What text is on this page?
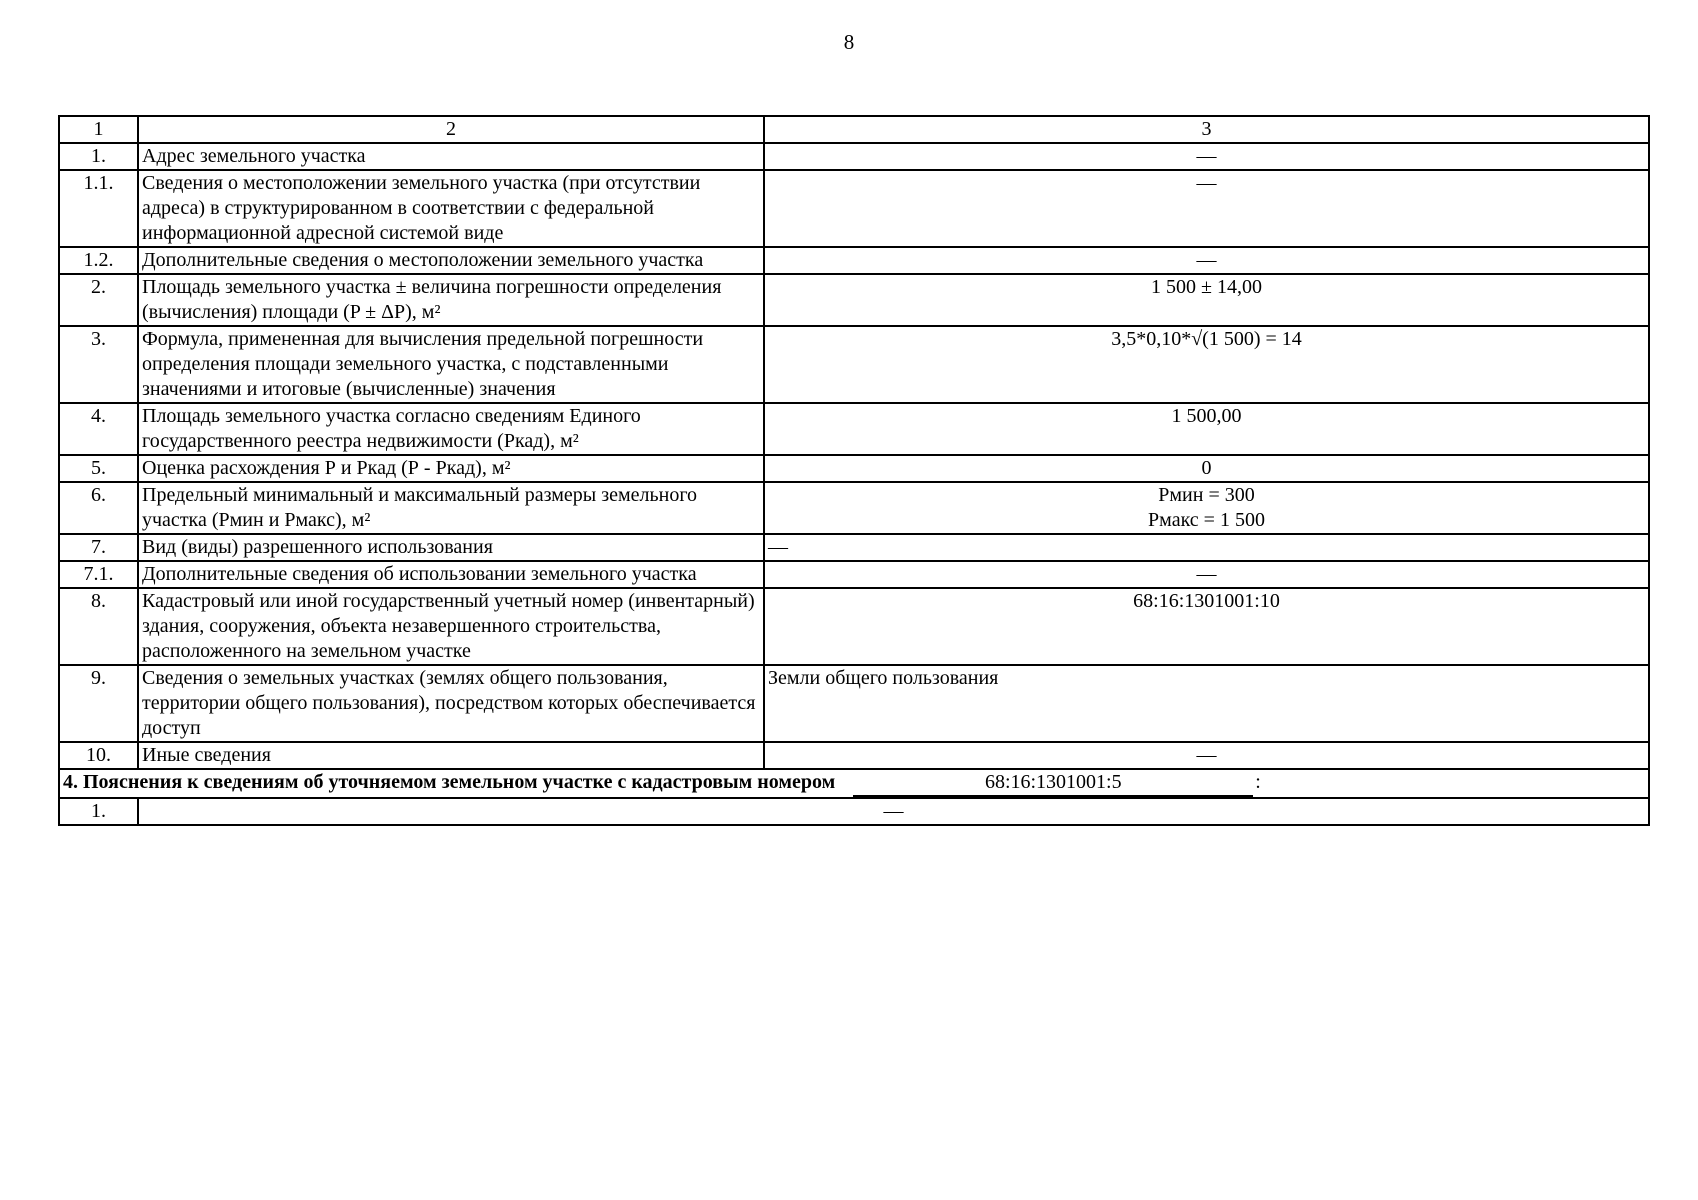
8
1	2	3
1.	Адрес земельного участка	—
1.1.	Сведения о местоположении земельного участка (при отсутствии адреса) в структурированном в соответствии с федеральной информационной адресной системой виде	—
1.2.	Дополнительные сведения о местоположении земельного участка	—
2.	Площадь земельного участка ± величина погрешности определения (вычисления) площади (P ± ΔP), м²	1 500 ± 14,00
3.	Формула, примененная для вычисления предельной погрешности определения площади земельного участка, с подставленными значениями и итоговые (вычисленные) значения	3,5*0,10*√(1 500) = 14
4.	Площадь земельного участка согласно сведениям Единого государственного реестра недвижимости (Ркад), м²	1 500,00
5.	Оценка расхождения Р и Ркад (Р - Ркад), м²	0
6.	Предельный минимальный и максимальный размеры земельного участка (Рмин и Рмакс), м²	Рмин = 300
Рмакс = 1 500

7.	Вид (виды) разрешенного использования	—
7.1.	Дополнительные сведения об использовании земельного участка	—
8.	Кадастровый или иной государственный учетный номер (инвентарный) здания, сооружения, объекта незавершенного строительства, расположенного на земельном участке	68:16:1301001:10
9.	Сведения о земельных участках (землях общего пользования, территории общего пользования), посредством которых обеспечивается доступ	Земли общего пользования
10.	Иные сведения	—
4. Пояснения к сведениям об уточняемом земельном участке с кадастровым номером 68:16:1301001:5 :		
1.	—	
